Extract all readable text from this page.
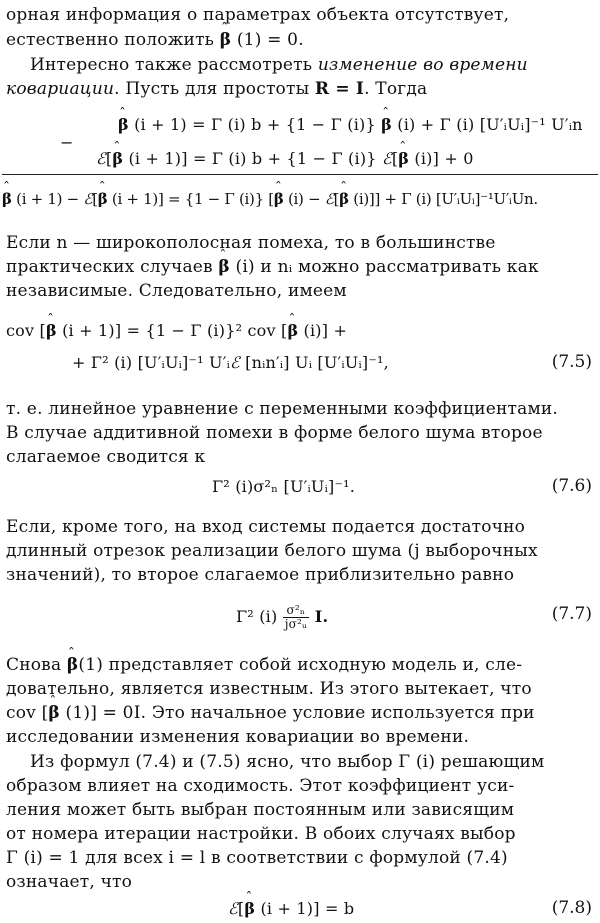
орная информация о параметрах объекта отсутствует,
естественно положить ˆ β (1) = 0.
Интересно также рассмотреть изменение во времени
ковариации. Пусть для простоты R = I. Тогда
ˆ β (i + 1) = Γ (i) b + {1 − Γ (i)} ˆ β (i) + Γ (i) [U′ᵢUᵢ]⁻¹ U′ᵢn
−
ℰ[ˆ β (i + 1)] = Γ (i) b + {1 − Γ (i)} ℰ[ˆ β (i)] + 0
ˆ β (i + 1) − ℰ[ˆ β (i + 1)] = {1 − Γ (i)} [ˆ β (i) − ℰ[ˆ β (i)]] + Γ (i) [U′ᵢUᵢ]⁻¹U′ᵢUn.
Если n — широкополосная помеха, то в большинстве
практических случаев ˆ β (i) и nᵢ можно рассматривать как
независимые. Следовательно, имеем
cov [ˆ β (i + 1)] = {1 − Γ (i)}² cov [ˆ β (i)] +
+ Γ² (i) [U′ᵢUᵢ]⁻¹ U′ᵢℰ [nᵢn′ᵢ] Uᵢ [U′ᵢUᵢ]⁻¹,	(7.5)
т. е. линейное уравнение с переменными коэффициентами.
В случае аддитивной помехи в форме белого шума второе
слагаемое сводится к
Γ² (i)σ²ₙ [U′ᵢUᵢ]⁻¹.	(7.6)
Если, кроме того, на вход системы подается достаточно
длинный отрезок реализации белого шума (j выборочных
значений), то второе слагаемое приблизительно равно
Γ² $(i) \frac{\text{σ²ₙ}}{\text{jσ²ᵤ}} I$.	(7.7)
Снова ˆ β(1) представляет собой исходную модель и, сле-
довательно, является известным. Из этого вытекает, что
cov [ˆ β (1)] = 0I. Это начальное условие используется при
исследовании изменения ковариации во времени.
Из формул (7.4) и (7.5) ясно, что выбор Γ (i) решающим
образом влияет на сходимость. Этот коэффициент уси-
ления может быть выбран постоянным или зависящим
от номера итерации настройки. В обоих случаях выбор
Γ (i) = 1 для всех i = l в соответствии с формулой (7.4)
означает, что
ℰ[ˆ β (i + 1)] = b	(7.8)
